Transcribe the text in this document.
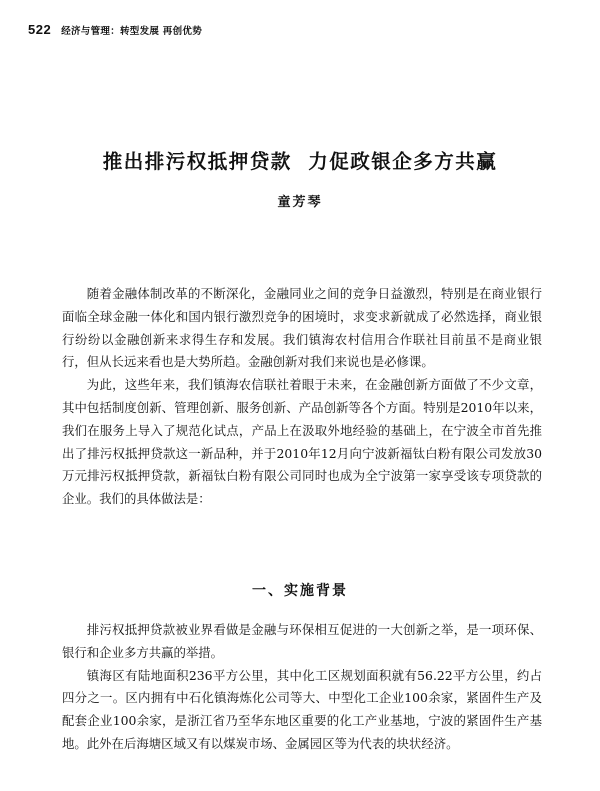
522 经济与管理：转型发展 再创优势
推出排污权抵押贷款  力促政银企多方共赢
童芳琴

随着金融体制改革的不断深化，金融同业之间的竞争日益激烈，特别是在商业银行面临全球金融一体化和国内银行激烈竞争的困境时，求变求新就成了必然选择，商业银行纷纷以金融创新来求得生存和发展。我们镇海农村信用合作联社目前虽不是商业银行，但从长远来看也是大势所趋。金融创新对我们来说也是必修课。

为此，这些年来，我们镇海农信联社着眼于未来，在金融创新方面做了不少文章，其中包括制度创新、管理创新、服务创新、产品创新等各个方面。特别是2010年以来，我们在服务上导入了规范化试点，产品上在汲取外地经验的基础上，在宁波全市首先推出了排污权抵押贷款这一新品种，并于2010年12月向宁波新福钛白粉有限公司发放30万元排污权抵押贷款，新福钛白粉有限公司同时也成为全宁波第一家享受该专项贷款的企业。我们的具体做法是：

一、实施背景

排污权抵押贷款被业界看做是金融与环保相互促进的一大创新之举，是一项环保、银行和企业多方共赢的举措。

镇海区有陆地面积236平方公里，其中化工区规划面积就有56.22平方公里，约占四分之一。区内拥有中石化镇海炼化公司等大、中型化工企业100余家，紧固件生产及配套企业100余家，是浙江省乃至华东地区重要的化工产业基地，宁波的紧固件生产基地。此外在后海塘区域又有以煤炭市场、金属园区等为代表的块状经济。
